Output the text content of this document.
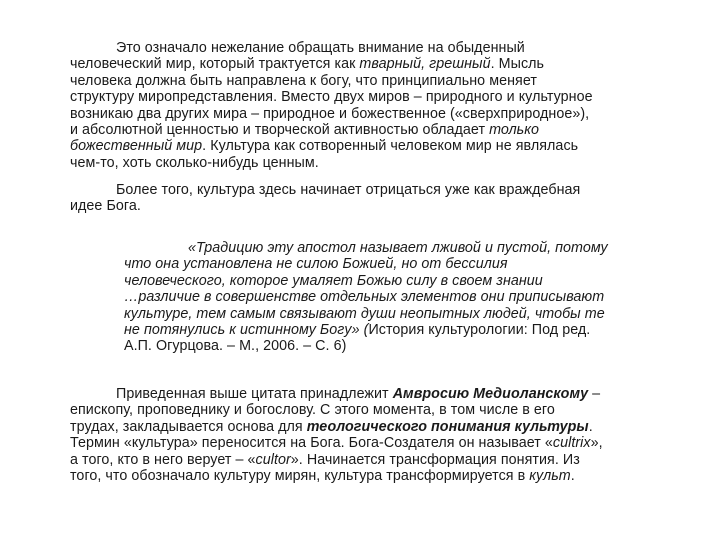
Это означало нежелание обращать внимание на обыденный
человеческий мир, который трактуется как тварный, грешный. Мысль
человека должна быть направлена к богу, что принципиально меняет
структуру миропредставления. Вместо двух миров – природного и культурное
возникаю два других мира – природное и божественное («сверхприродное»),
и абсолютной ценностью и творческой активностью обладает только
божественный мир. Культура как сотворенный человеком мир не являлась
чем-то, хоть сколько-нибудь ценным.

Более того, культура здесь начинает отрицаться уже как враждебная
идее Бога.

«Традицию эту апостол называет лживой и пустой, потому
что она установлена не силою Божией, но от бессилия
человеческого, которое умаляет Божью силу в своем знании
…различие в совершенстве отдельных элементов они приписывают
культуре, тем самым связывают души неопытных людей, чтобы те
не потянулись к истинному Богу» (История культурологии: Под ред.
А.П. Огурцова. – М., 2006. – С. 6)

Приведенная выше цитата принадлежит Амвросию Медиоланскому –
епископу, проповеднику и богослову. С этого момента, в том числе в его
трудах, закладывается основа для теологического понимания культуры.
Термин «культура» переносится на Бога. Бога-Создателя он называет «cultrix»,
а того, кто в него верует – «cultor». Начинается трансформация понятия. Из
того, что обозначало культуру мирян, культура трансформируется в культ.
